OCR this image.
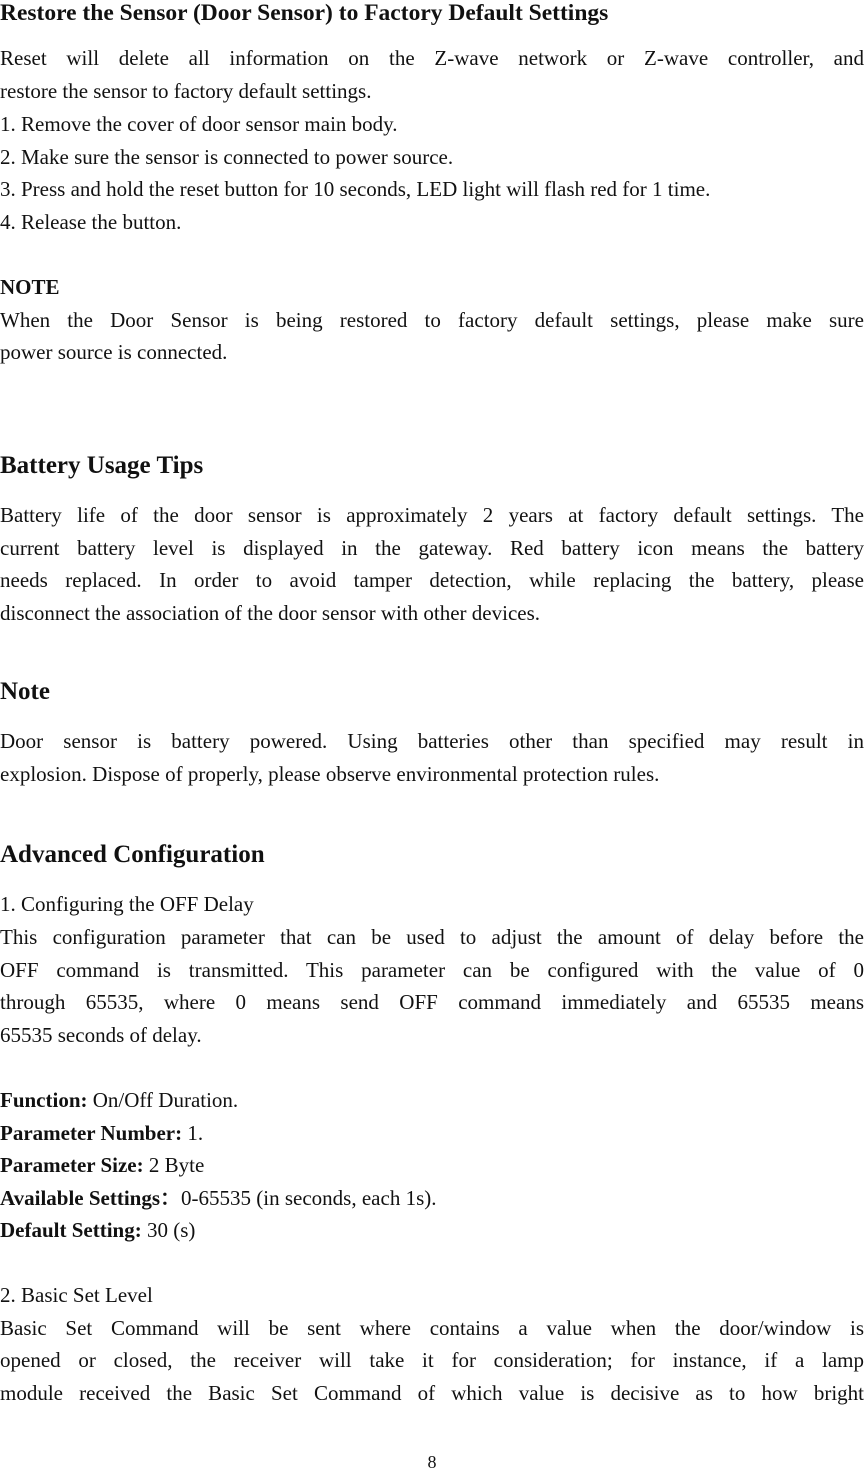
Restore the Sensor (Door Sensor) to Factory Default Settings
Reset will delete all information on the Z-wave network or Z-wave controller, and
restore the sensor to factory default settings.
1. Remove the cover of door sensor main body.
2. Make sure the sensor is connected to power source.
3. Press and hold the reset button for 10 seconds, LED light will flash red for 1 time.
4. Release the button.
NOTE
When the Door Sensor is being restored to factory default settings, please make sure
power source is connected.
Battery Usage Tips
Battery life of the door sensor is approximately 2 years at factory default settings. The
current battery level is displayed in the gateway. Red battery icon means the battery
needs replaced. In order to avoid tamper detection, while replacing the battery, please
disconnect the association of the door sensor with other devices.
Note
Door sensor is battery powered. Using batteries other than specified may result in
explosion. Dispose of properly, please observe environmental protection rules.
Advanced Configuration
1. Configuring the OFF Delay
This configuration parameter that can be used to adjust the amount of delay before the
OFF command is transmitted. This parameter can be configured with the value of 0
through 65535, where 0 means send OFF command immediately and 65535 means
65535 seconds of delay.
Function: On/Off Duration.
Parameter Number: 1.
Parameter Size: 2 Byte
Available Settings：0-65535 (in seconds, each 1s).
Default Setting: 30 (s)
2. Basic Set Level
Basic Set Command will be sent where contains a value when the door/window is
opened or closed, the receiver will take it for consideration; for instance, if a lamp
module received the Basic Set Command of which value is decisive as to how bright
8
